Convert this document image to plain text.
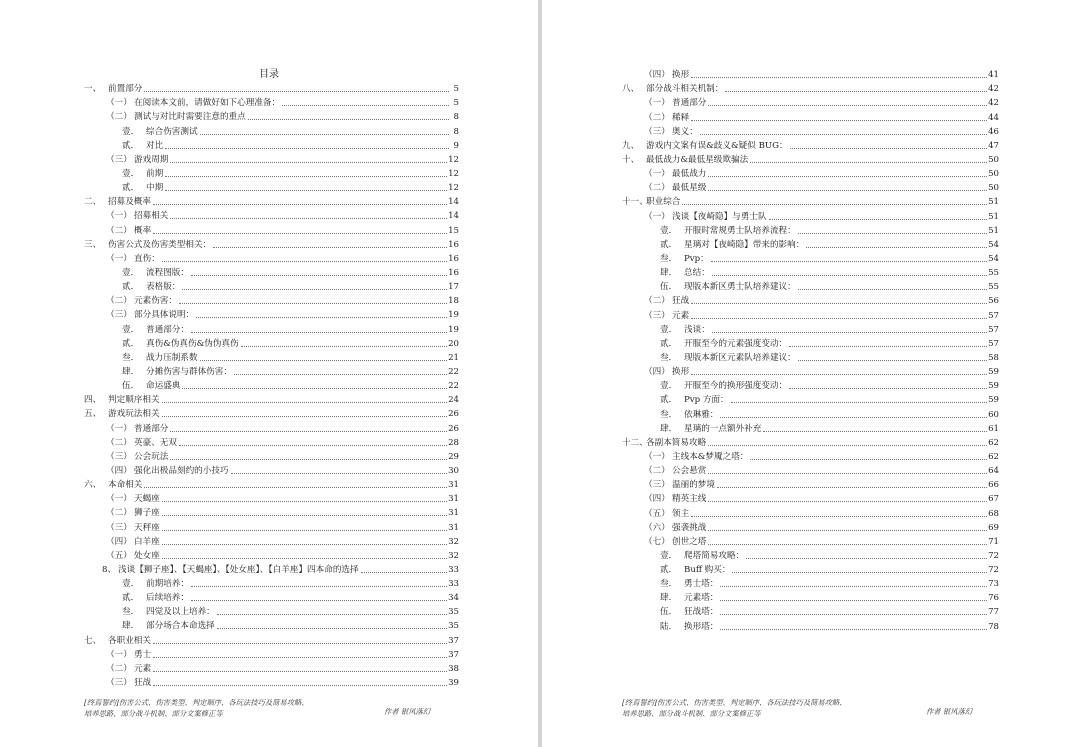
目录
一、 前置部分	5
（一） 在阅读本文前，请做好如下心理准备：	5
（二） 测试与对比时需要注意的重点	8
壹． 综合伤害测试	8
贰． 对比	9
（三） 游戏周期	12
壹． 前期	12
贰． 中期	12
二、 招募及概率	14
（一） 招募相关	14
（二） 概率	15
三、 伤害公式及伤害类型相关：	16
（一） 直伤：	16
壹． 流程图版：	16
贰． 表格版：	17
（二） 元素伤害：	18
（三） 部分具体说明：	19
壹． 普通部分：	19
贰． 真伤&伪真伤&伪伪真伤	20
叁． 战力压制系数	21
肆． 分摊伤害与群体伤害：	22
伍． 命运盛典	22
四、 判定顺序相关	24
五、 游戏玩法相关	26
（一） 普通部分	26
（二） 英豪、无双	28
（三） 公会玩法	29
（四） 强化出极品刻约的小技巧	30
六、 本命相关	31
（一） 天蝎座	31
（二） 狮子座	31
（三） 天秤座	31
（四） 白羊座	32
（五） 处女座	32
8、 浅谈【狮子座】、【天蝎座】、【处女座】、【白羊座】四本命的选择	33
壹． 前期培养：	33
贰． 后续培养：	34
叁． 四觉及以上培养：	35
肆． 部分场合本命选择	35
七、 各职业相关	37
（一） 勇士	37
（二） 元素	38
（三） 狂战	39
[终焉誓约]伤害公式、伤害类型、判定顺序、各玩法技巧及简易攻略、
培养思路、部分战斗机制、部分文案修正等	作者 银风落幻
（四） 换形	41
八、 部分战斗相关机制：	42
（一） 普通部分	42
（二） 稀释	44
（三） 奥义：	46
九、 游戏内文案有误&歧义&疑似 BUG：	47
十、 最低战力&最低星级欺骗法	50
（一） 最低战力	50
（二） 最低星级	50
十一、
职业综合	51
（一） 浅谈【夜崎隐】与勇士队	51
壹． 开服时常规勇士队培养流程：	51
贰． 星璃对【夜崎隐】带来的影响：	54
叁． Pvp：	54
肆． 总结：	55
伍． 现版本新区勇士队培养建议：	55
（二） 狂战	56
（三） 元素	57
壹． 浅谈：	57
贰． 开服至今的元素强度变动：	57
叁． 现版本新区元素队培养建议：	58
（四） 换形	59
壹． 开服至今的换形强度变动：	59
贰． Pvp 方面：	59
叁． 依琳雅：	60
肆． 星璃的一点额外补充	61
十二、
各副本简易攻略	62
（一） 主线本&梦魇之塔：	62
（二） 公会悬赏	64
（三） 温丽的梦境	66
（四） 精英主线	67
（五） 领主	68
（六） 强袭挑战	69
（七） 创世之塔	71
壹． 爬塔简易攻略：	72
贰． Buff 购买：	72
叁． 勇士塔：	73
肆． 元素塔：	76
伍． 狂战塔：	77
陆． 换形塔：	78
[终焉誓约]伤害公式、伤害类型、判定顺序、各玩法技巧及简易攻略、
培养思路、部分战斗机制、部分文案修正等	作者 银风落幻
